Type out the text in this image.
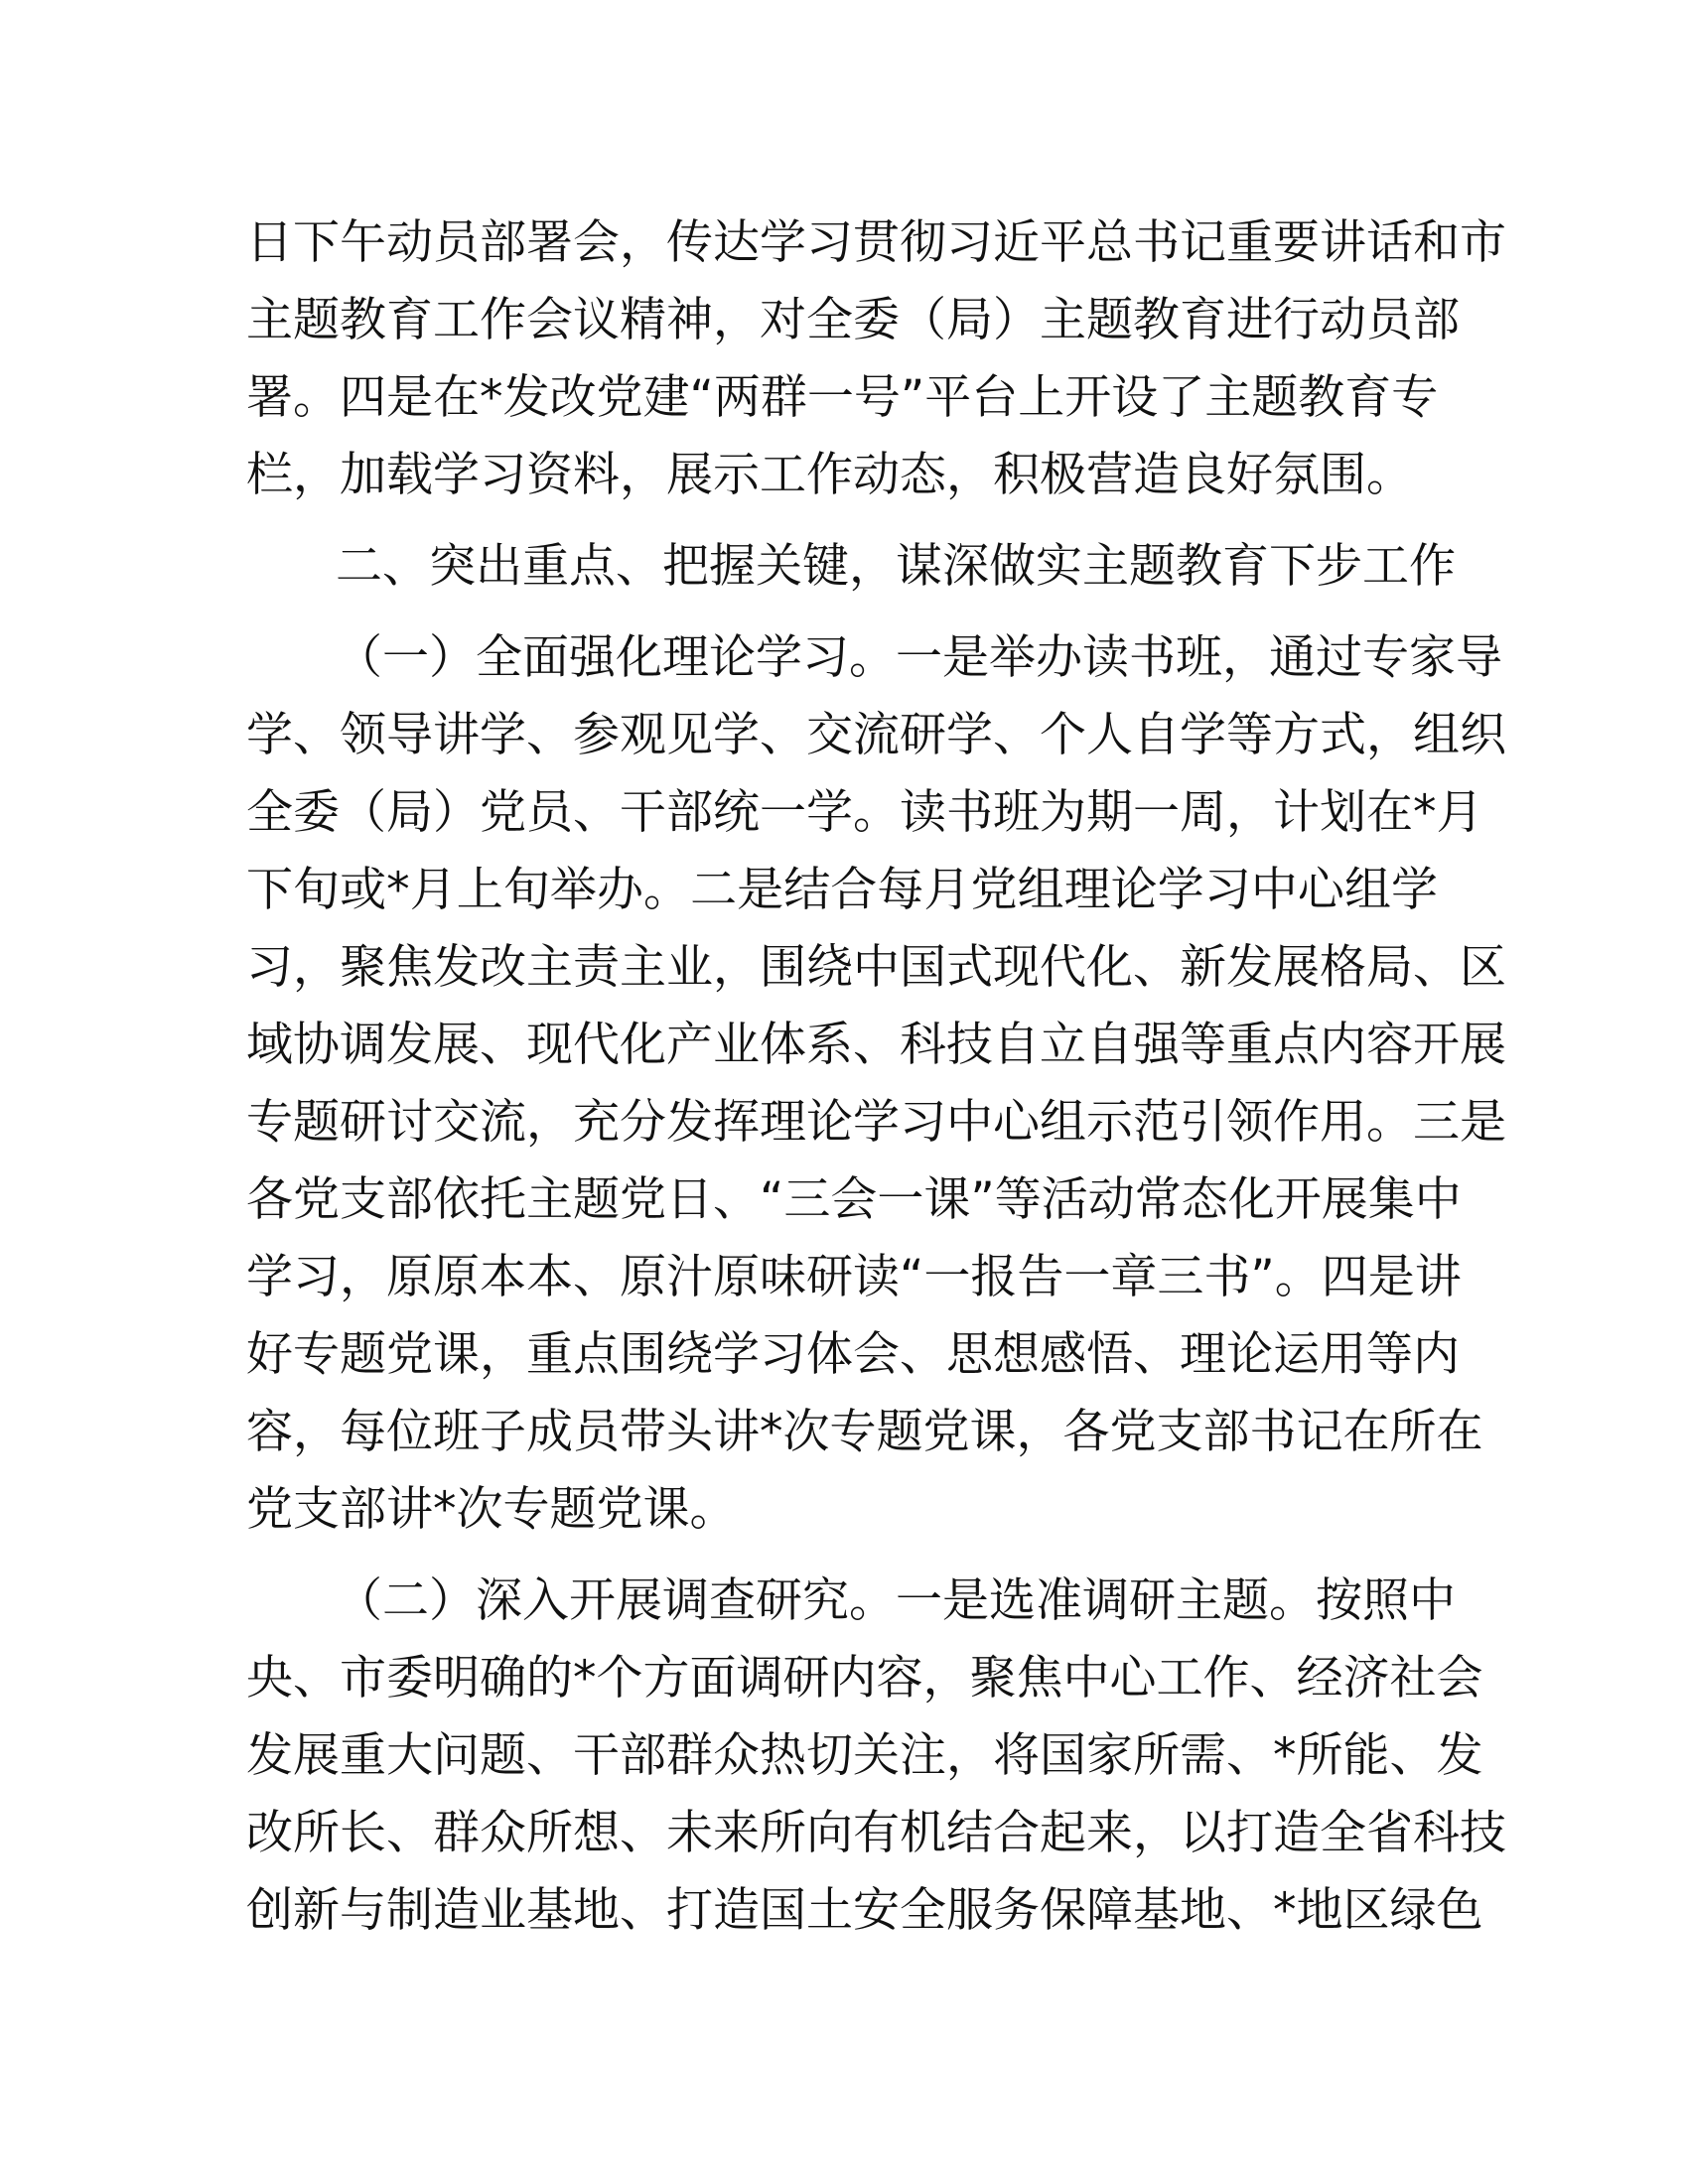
日下午动员部署会，传达学习贯彻习近平总书记重要讲话和市
主题教育工作会议精神，对全委（局）主题教育进行动员部
署。四是在*发改党建“两群一号”平台上开设了主题教育专
栏，加载学习资料，展示工作动态，积极营造良好氛围。
二、突出重点、把握关键，谋深做实主题教育下步工作
（一）全面强化理论学习。一是举办读书班，通过专家导
学、领导讲学、参观见学、交流研学、个人自学等方式，组织
全委（局）党员、干部统一学。读书班为期一周，计划在*月
下旬或*月上旬举办。二是结合每月党组理论学习中心组学
习，聚焦发改主责主业，围绕中国式现代化、新发展格局、区
域协调发展、现代化产业体系、科技自立自强等重点内容开展
专题研讨交流，充分发挥理论学习中心组示范引领作用。三是
各党支部依托主题党日、“三会一课”等活动常态化开展集中
学习，原原本本、原汁原味研读“一报告一章三书”。四是讲
好专题党课，重点围绕学习体会、思想感悟、理论运用等内
容，每位班子成员带头讲*次专题党课，各党支部书记在所在
党支部讲*次专题党课。
（二）深入开展调查研究。一是选准调研主题。按照中
央、市委明确的*个方面调研内容，聚焦中心工作、经济社会
发展重大问题、干部群众热切关注，将国家所需、*所能、发
改所长、群众所想、未来所向有机结合起来，以打造全省科技
创新与制造业基地、打造国土安全服务保障基地、*地区绿色
